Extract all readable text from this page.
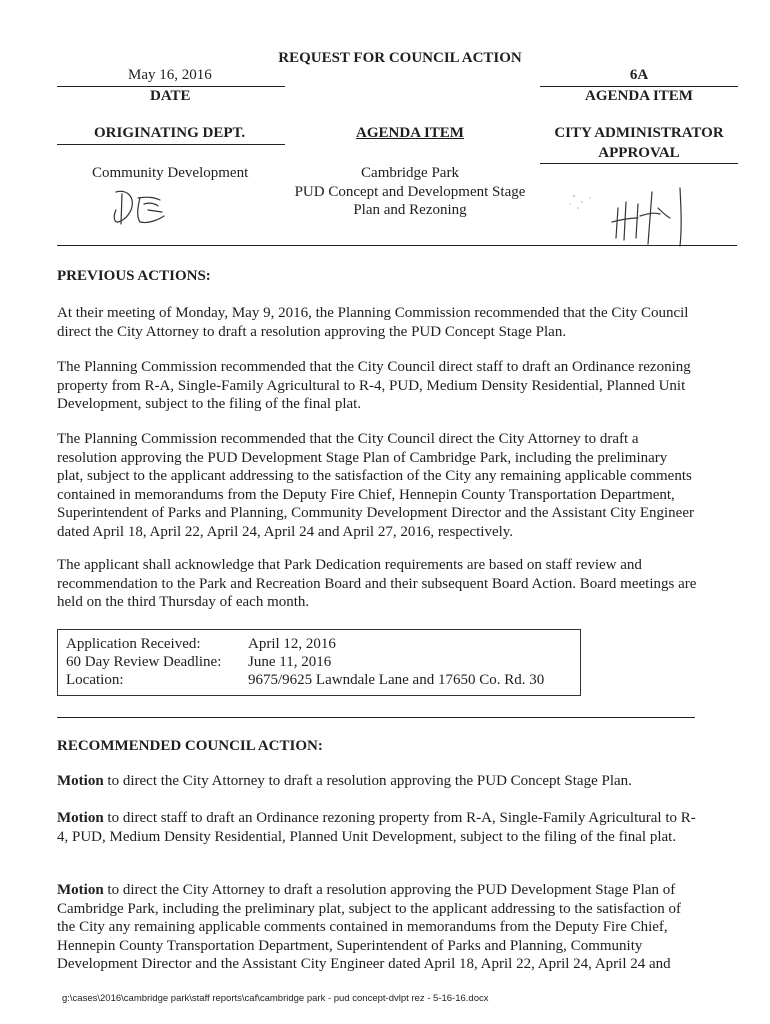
REQUEST FOR COUNCIL ACTION
May 16, 2016
DATE
6A
AGENDA ITEM
ORIGINATING DEPT.	AGENDA ITEM	CITY ADMINISTRATOR
APPROVAL
Community Development	Cambridge Park
PUD Concept and Development Stage
Plan and Rezoning
PREVIOUS ACTIONS:
At their meeting of Monday, May 9, 2016, the Planning Commission recommended that the City Council direct the City Attorney to draft a resolution approving the PUD Concept Stage Plan.
The Planning Commission recommended that the City Council direct staff to draft an Ordinance rezoning property from R-A, Single-Family Agricultural to R-4, PUD, Medium Density Residential, Planned Unit Development, subject to the filing of the final plat.
The Planning Commission recommended that the City Council direct the City Attorney to draft a resolution approving the PUD Development Stage Plan of Cambridge Park, including the preliminary plat, subject to the applicant addressing to the satisfaction of the City any remaining applicable comments contained in memorandums from the Deputy Fire Chief, Hennepin County Transportation Department, Superintendent of Parks and Planning, Community Development Director and the Assistant City Engineer dated April 18, April 22, April 24, April 24 and April 27, 2016, respectively.
The applicant shall acknowledge that Park Dedication requirements are based on staff review and recommendation to the Park and Recreation Board and their subsequent Board Action. Board meetings are held on the third Thursday of each month.
Application Received:	April 12, 2016
60 Day Review Deadline: June 11, 2016
Location:	9675/9625 Lawndale Lane and 17650 Co. Rd. 30
RECOMMENDED COUNCIL ACTION:
Motion to direct the City Attorney to draft a resolution approving the PUD Concept Stage Plan.
Motion to direct staff to draft an Ordinance rezoning property from R-A, Single-Family Agricultural to R-4, PUD, Medium Density Residential, Planned Unit Development, subject to the filing of the final plat.
Motion to direct the City Attorney to draft a resolution approving the PUD Development Stage Plan of Cambridge Park, including the preliminary plat, subject to the applicant addressing to the satisfaction of the City any remaining applicable comments contained in memorandums from the Deputy Fire Chief, Hennepin County Transportation Department, Superintendent of Parks and Planning, Community Development Director and the Assistant City Engineer dated April 18, April 22, April 24, April 24 and
g:\cases\2016\cambridge park\staff reports\caf\cambridge park - pud concept-dvlpt rez - 5-16-16.docx
